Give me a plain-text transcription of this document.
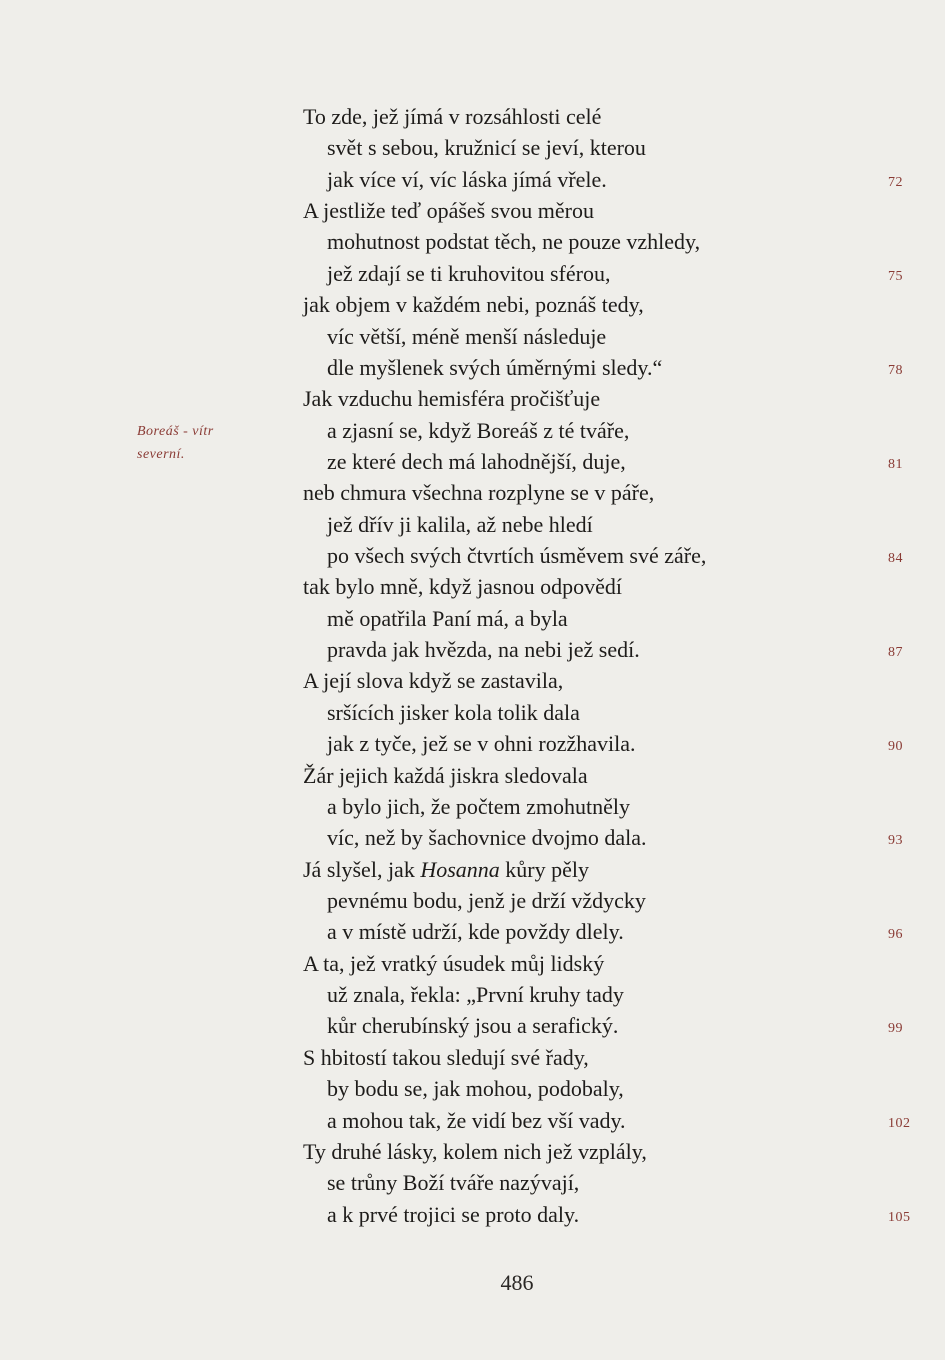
Boreáš - vítr
severní.
To zde, jež jímá v rozsáhlosti celé
svět s sebou, kružnicí se jeví, kterou
jak více ví, víc láska jímá vřele.	72
A jestliže teď opášeš svou měrou
mohutnost podstat těch, ne pouze vzhledy,
jež zdají se ti kruhovitou sférou,	75
jak objem v každém nebi, poznáš tedy,
víc větší, méně menší následuje
dle myšlenek svých úměrnými sledy.“	78
Jak vzduchu hemisféra pročišťuje
a zjasní se, když Boreáš z té tváře,
ze které dech má lahodnější, duje,	81
neb chmura všechna rozplyne se v páře,
jež dřív ji kalila, až nebe hledí
po všech svých čtvrtích úsměvem své záře,	84
tak bylo mně, když jasnou odpovědí
mě opatřila Paní má, a byla
pravda jak hvězda, na nebi jež sedí.	87
A její slova když se zastavila,
sršících jisker kola tolik dala
jak z tyče, jež se v ohni rozžhavila.	90
Žár jejich každá jiskra sledovala
a bylo jich, že počtem zmohutněly
víc, než by šachovnice dvojmo dala.	93
Já slyšel, jak Hosanna kůry pěly
pevnému bodu, jenž je drží vždycky
a v místě udrží, kde povždy dlely.	96
A ta, jež vratký úsudek můj lidský
už znala, řekla: „První kruhy tady
kůr cherubínský jsou a serafický.	99
S hbitostí takou sledují své řady,
by bodu se, jak mohou, podobaly,
a mohou tak, že vidí bez vší vady.	102
Ty druhé lásky, kolem nich jež vzplály,
se trůny Boží tváře nazývají,
a k prvé trojici se proto daly.	105
486
